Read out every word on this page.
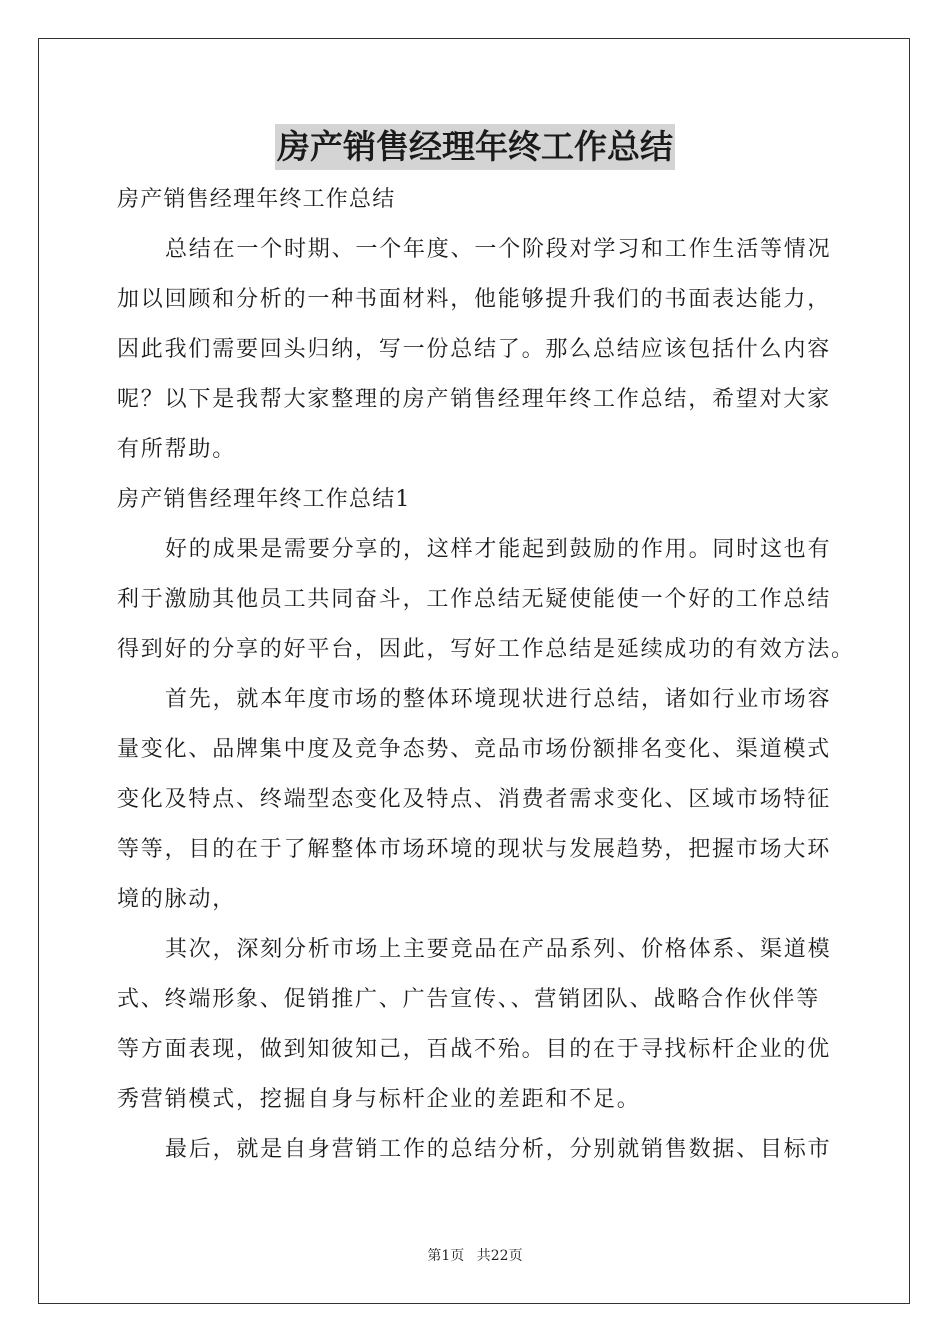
房产销售经理年终工作总结
房产销售经理年终工作总结
总结在一个时期、一个年度、一个阶段对学习和工作生活等情况
加以回顾和分析的一种书面材料，他能够提升我们的书面表达能力，
因此我们需要回头归纳，写一份总结了。那么总结应该包括什么内容
呢？以下是我帮大家整理的房产销售经理年终工作总结，希望对大家
有所帮助。
房产销售经理年终工作总结1
好的成果是需要分享的，这样才能起到鼓励的作用。同时这也有
利于激励其他员工共同奋斗，工作总结无疑使能使一个好的工作总结
得到好的分享的好平台，因此，写好工作总结是延续成功的有效方法。
首先，就本年度市场的整体环境现状进行总结，诸如行业市场容
量变化、品牌集中度及竞争态势、竞品市场份额排名变化、渠道模式
变化及特点、终端型态变化及特点、消费者需求变化、区域市场特征
等等，目的在于了解整体市场环境的现状与发展趋势，把握市场大环
境的脉动，
其次，深刻分析市场上主要竞品在产品系列、价格体系、渠道模
式、终端形象、促销推广、广告宣传、、营销团队、战略合作伙伴等
等方面表现，做到知彼知己，百战不殆。目的在于寻找标杆企业的优
秀营销模式，挖掘自身与标杆企业的差距和不足。
最后，就是自身营销工作的总结分析，分别就销售数据、目标市
第1页 共22页
